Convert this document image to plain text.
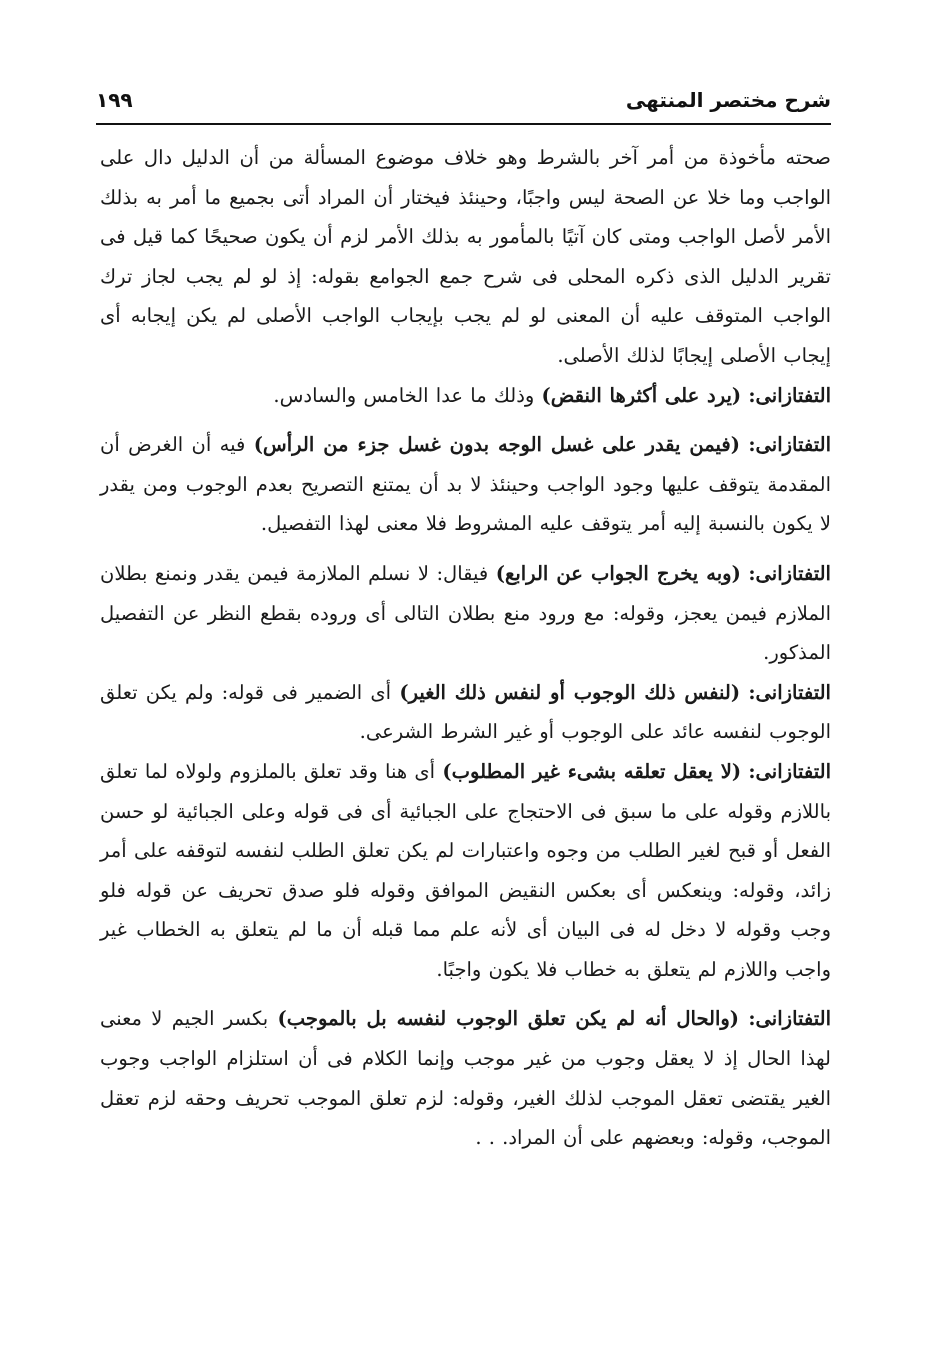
شرح مختصر المنتهى
١٩٩

صحته مأخوذة من أمر آخر بالشرط وهو خلاف موضوع المسألة من أن الدليل دال على الواجب وما خلا عن الصحة ليس واجبًا، وحينئذ فيختار أن المراد أتى بجميع ما أمر به بذلك الأمر لأصل الواجب ومتى كان آتيًا بالمأمور به بذلك الأمر لزم أن يكون صحيحًا كما قيل فى تقرير الدليل الذى ذكره المحلى فى شرح جمع الجوامع بقوله: إذ لو لم يجب لجاز ترك الواجب المتوقف عليه أن المعنى لو لم يجب بإيجاب الواجب الأصلى لم يكن إيجابه أى إيجاب الأصلى إيجابًا لذلك الأصلى.

التفتازانى: (يرد على أكثرها النقض) وذلك ما عدا الخامس والسادس.

التفتازانى: (فيمن يقدر على غسل الوجه بدون غسل جزء من الرأس) فيه أن الغرض أن المقدمة يتوقف عليها وجود الواجب وحينئذ لا بد أن يمتنع التصريح بعدم الوجوب ومن يقدر لا يكون بالنسبة إليه أمر يتوقف عليه المشروط فلا معنى لهذا التفصيل.

التفتازانى: (وبه يخرج الجواب عن الرابع) فيقال: لا نسلم الملازمة فيمن يقدر ونمنع بطلان الملازم فيمن يعجز، وقوله: مع ورود منع بطلان التالى أى وروده بقطع النظر عن التفصيل المذكور.

التفتازانى: (لنفس ذلك الوجوب أو لنفس ذلك الغير) أى الضمير فى قوله: ولم يكن تعلق الوجوب لنفسه عائد على الوجوب أو غير الشرط الشرعى.

التفتازانى: (لا يعقل تعلقه بشىء غير المطلوب) أى هنا وقد تعلق بالملزوم ولولاه لما تعلق باللازم وقوله على ما سبق فى الاحتجاج على الجبائية أى فى قوله وعلى الجبائية لو حسن الفعل أو قبح لغير الطلب من وجوه واعتبارات لم يكن تعلق الطلب لنفسه لتوقفه على أمر زائد، وقوله: وينعكس أى بعكس النقيض الموافق وقوله فلو صدق تحريف عن قوله فلو وجب وقوله لا دخل له فى البيان أى لأنه علم مما قبله أن ما لم يتعلق به الخطاب غير واجب واللازم لم يتعلق به خطاب فلا يكون واجبًا.

التفتازانى: (والحال أنه لم يكن تعلق الوجوب لنفسه بل بالموجب) بكسر الجيم لا معنى لهذا الحال إذ لا يعقل وجوب من غير موجب وإنما الكلام فى أن استلزام الواجب وجوب الغير يقتضى تعقل الموجب لذلك الغير، وقوله: لزم تعلق الموجب تحريف وحقه لزم تعقل الموجب، وقوله: وبعضهم على أن المراد. . .
